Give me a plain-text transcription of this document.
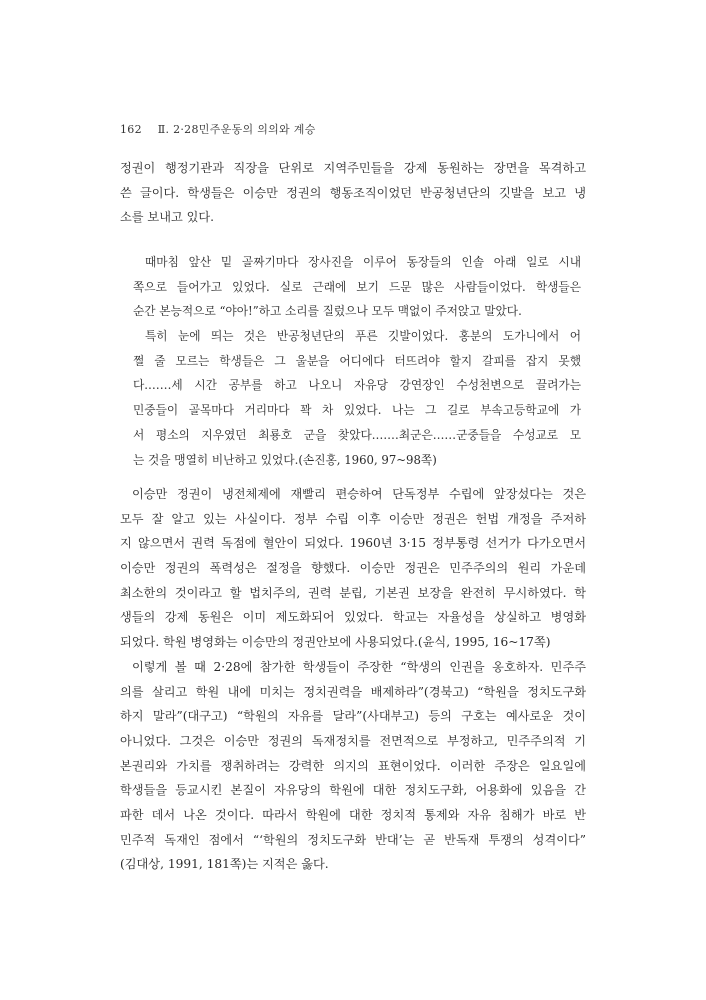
162 Ⅱ. 2·28민주운동의 의의와 계승
정권이 행정기관과 직장을 단위로 지역주민들을 강제 동원하는 장면을 목격하고
쓴 글이다. 학생들은 이승만 정권의 행동조직이었던 반공청년단의 깃발을 보고 냉
소를 보내고 있다.
때마침 앞산 밑 골짜기마다 장사진을 이루어 동장들의 인솔 아래 일로 시내
쪽으로 들어가고 있었다. 실로 근래에 보기 드문 많은 사람들이었다. 학생들은
순간 본능적으로 “야아!”하고 소리를 질렀으나 모두 맥없이 주저앉고 말았다.
특히 눈에 띄는 것은 반공청년단의 푸른 깃발이었다. 홍분의 도가니에서 어
쩔 줄 모르는 학생들은 그 울분을 어디에다 터뜨려야 할지 갈피를 잡지 못했
다.……세 시간 공부를 하고 나오니 자유당 강연장인 수성천변으로 끌려가는
민중들이 골목마다 거리마다 꽉 차 있었다. 나는 그 길로 부속고등학교에 가
서 평소의 지우였던 최룡호 군을 찾았다.……최군은……군중들을 수성교로 모
는 것을 맹열히 비난하고 있었다.(손진홍, 1960, 97~98쪽)
이승만 정권이 냉전체제에 재빨리 편승하여 단독정부 수립에 앞장섰다는 것은
모두 잘 알고 있는 사실이다. 정부 수립 이후 이승만 정권은 헌법 개정을 주저하
지 않으면서 권력 독점에 혈안이 되었다. 1960년 3·15 정부통령 선거가 다가오면서
이승만 정권의 폭력성은 절정을 향했다. 이승만 정권은 민주주의의 원리 가운데
최소한의 것이라고 할 법치주의, 권력 분립, 기본권 보장을 완전히 무시하였다. 학
생들의 강제 동원은 이미 제도화되어 있었다. 학교는 자율성을 상실하고 병영화
되었다. 학원 병영화는 이승만의 정권안보에 사용되었다.(윤식, 1995, 16~17쪽)
이렇게 볼 때 2·28에 참가한 학생들이 주장한 “학생의 인권을 옹호하자. 민주주
의를 살리고 학원 내에 미치는 정치권력을 배제하라”(경북고) “학원을 정치도구화
하지 말라”(대구고) “학원의 자유를 달라”(사대부고) 등의 구호는 예사로운 것이
아니었다. 그것은 이승만 정권의 독재정치를 전면적으로 부정하고, 민주주의적 기
본권리와 가치를 쟁취하려는 강력한 의지의 표현이었다. 이러한 주장은 일요일에
학생들을 등교시킨 본질이 자유당의 학원에 대한 정치도구화, 어용화에 있음을 간
파한 데서 나온 것이다. 따라서 학원에 대한 정치적 통제와 자유 침해가 바로 반
민주적 독재인 점에서 “‘학원의 정치도구화 반대’는 곧 반독재 투쟁의 성격이다”
(김대상, 1991, 181쪽)는 지적은 옳다.
